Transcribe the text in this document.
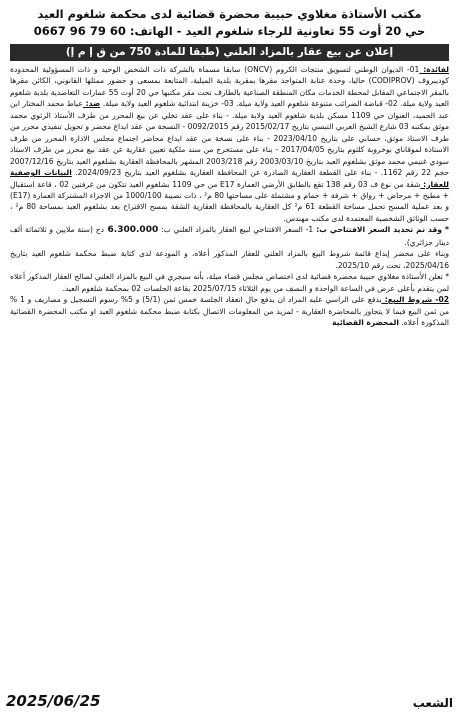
مكتب الأستاذة مغلاوي حبيبة محضرة قضائية لدى محكمة شلغوم العيد
حي 20 أوت 55 تعاونية للرجاء شلغوم العيد - الهاتف: 60 79 96 0667
إعلان عن بيع عقار بالمزاد العلني (طبقا للمادة 750 من ق إ م إ)

لفائدة: 01- الديوان الوطني لتسويق منتجات الكروم (ONCV) سابقا مسماة بالشركة ذات الشخص الوحيد و ذات المسؤولية المحدودة كوديبروف (CODIPROV) حاليا، وحدة عنابة المتواجد مقرها بمقرية بلدية الميلية، المتابعة بمسعى و حضور ممثلها القانوني، الكائن مقرها بالمقر الاجتماعي المقابل لمحطة الخدمات مكان المنطقة الصناعية بالطارف تحت مقر مكتبها حي 20 أوت 55 عمارات التعاضدية بلدية شلغوم العيد ولاية ميلة. 02- قباضة الضرائب متنوعة شلغوم العيد ولاية ميلة. 03- خزينة ابتدائية شلغوم العيد ولاية ميلة. ضد: عياط محمد المختار ابن عبد الحميد، العنوان حي 1109 مسكن بلدية شلغوم العيد ولاية ميلة. - بناء على عقد تخلي عن بيع المحرر من طرف الأستاذ الرئوي محمد موثق بمكتبه 03 شارع الشيخ العربي التبسي بتاريخ 2015/02/17 رقم 0092/2015 - النسخة من عقد ايداع محضر و تحويل تنفيذي محرر من طرف الاستاذ موثق، حسابي على بتاريخ 2023/04/10 - بناء على نسخة من عقد ايداع محاضر اجتماع مجلس الادارة المحرر من طرف الاستاذة لموقاناي بوخروبة كلثوم بتاريخ 2017/04/05 - بناء على مستخرج من سند ملكية تعيين عقارية عن عقد بيع محرر من طرف الاستاذ سودي غنيمي محمد موثق بشلغوم العيد بتاريخ 2003/03/10 رقم 2003/218 المشهر بالمحافظة العقارية بشلغوم العيد بتاريخ 2007/12/16 حجم 22 رقم 1162. - بناء على القطعة العقارية الصادرة عن المحافظة العقارية بشلغوم العيد بتاريخ 2024/09/23. البيانات الوصفية للعقار: شقة من نوع ف 03 رقم 138 تقع بالطابق الأرضي العمارة E17 من حي 1109 بشلغوم العيد تتكون من غرفتين 02 ، قاعة استقبال + مطبخ + مرحاض + رواق + شرفة + حمام و مشتملة على مساحتها 80 م² ، ذات نصيبة 1000/100 من الاجزاء المشتركة العمارة (E17) و بعد عملية المسح تحمل مساحة القطعة 61 م² كل العقارية بالمحافظة العقارية الشقة بمسح الاقتراح بعد بشلغوم العيد بمساحة 80 م² ، حسب الوثائق الشخصية المعتمدة لدى مكتب مهندس.

* وقد تم تحديد السعر الافتتاحي ب: 1- السعر الافتتاحي لبيع العقار بالمزاد العلني ب: 6.300.000 دج (ستة ملايين و ثلاثمائة ألف دينار جزائري).

وبناء على محضر إيداع قائمة شروط البيع بالمزاد العلني للعقار المذكور أعلاه، و المودعة لدى كتابة ضبط محكمة شلغوم العيد بتاريخ 2025/04/16، تحت رقم 2025/10.

* تعلن الأستاذة مغلاوي حبيبة محضرة قضائية لدى اختصاص مجلس قضاء ميلة، بأنه سيجري في البيع بالمزاد العلني لصالح العقار المذكور أعلاه لمن يتقدم بأعلى عرض في الساعة الواحدة و النصف من يوم الثلاثاء 2025/07/15 بقاعة الجلسات 02 بمحكمة شلغوم العيد.

02- شروط البيع: يدفع على الراسي عليه المزاد ان يدفع حال انعقاد الجلسة خمس ثمن (5/1) و 5% رسوم التسجيل و مصاريف و 1 % من ثمن البيع فيما لا يتجاوز بالمحاضرة العقارية - لمزيد من المعلومات الاتصال بكتابة ضبط محكمة شلغوم العيد او مكتب المحضرة القضائية المذكورة أعلاه. المحضرة القضائية

الشعب
2025/06/25
